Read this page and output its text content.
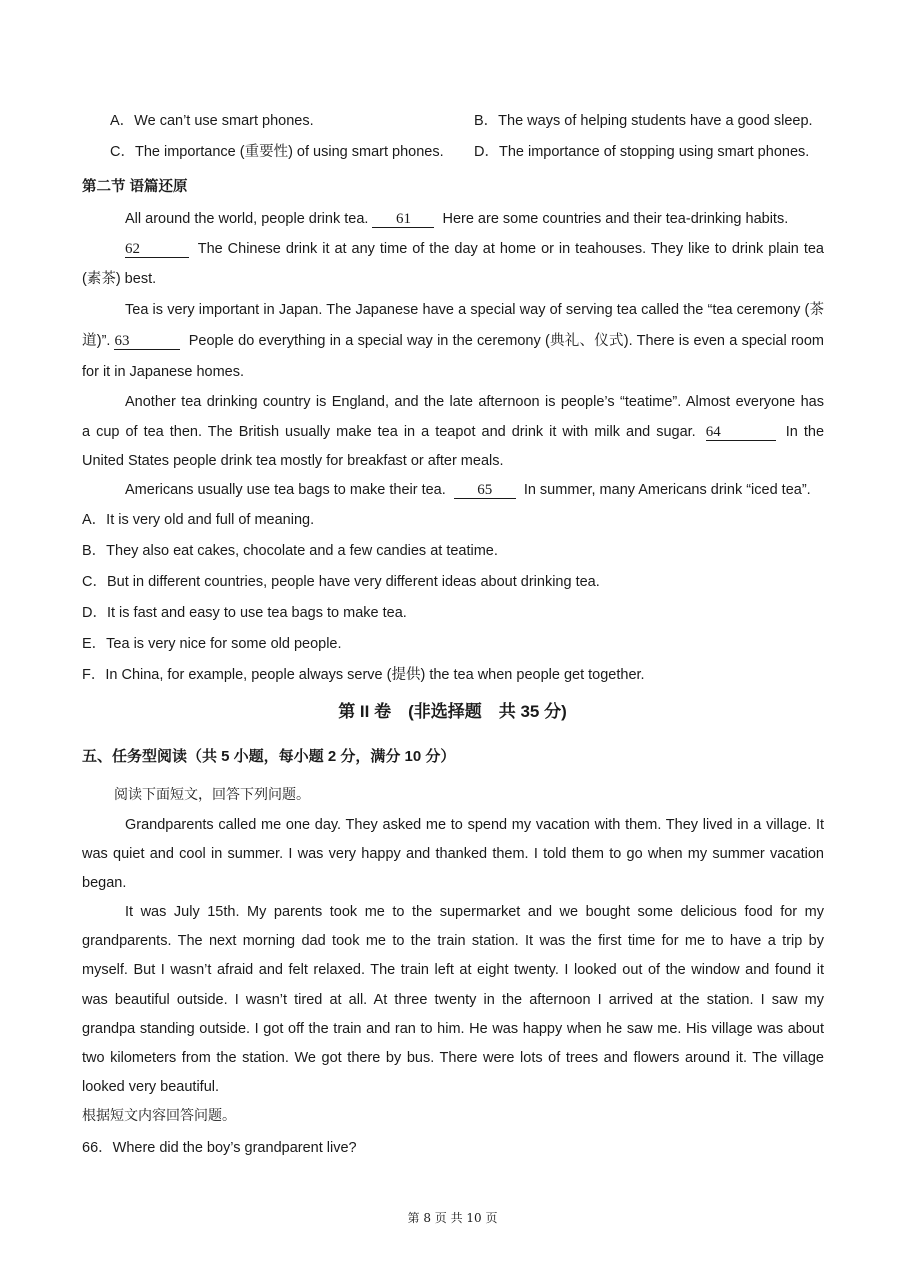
A．We can’t use smart phones.	B．The ways of helping students have a good sleep.
C．The importance (重要性) of using smart phones. D．The importance of stopping using smart phones.
第二节 语篇还原
All around the world, people drink tea. 61 Here are some countries and their tea-drinking habits.
62	The Chinese drink it at any time of the day at home or in teahouses. They like to drink plain tea
(素茶) best.
Tea is very important in Japan. The Japanese have a special way of serving tea called the “tea ceremony (茶
道)”. 63	People do everything in a special way in the ceremony (典礼、仪式). There is even a special room
for it in Japanese homes.
Another tea drinking country is England, and the late afternoon is people’s “teatime”. Almost everyone has
a cup of tea then. The British usually make tea in a teapot and drink it with milk and sugar. 64	In the
United States people drink tea mostly for breakfast or after meals.
Americans usually use tea bags to make their tea. 65 In summer, many Americans drink “iced tea”.
A．It is very old and full of meaning.
B．They also eat cakes, chocolate and a few candies at teatime.
C．But in different countries, people have very different ideas about drinking tea.
D．It is fast and easy to use tea bags to make tea.
E．Tea is very nice for some old people.
F．In China, for example, people always serve (提供) the tea when people get together.
第 II 卷　(非选择题　共 35 分)
五、任务型阅读（共 5 小题，每小题 2 分，满分 10 分）
阅读下面短文，回答下列问题。
Grandparents called me one day. They asked me to spend my vacation with them. They lived in a village. It
was quiet and cool in summer. I was very happy and thanked them. I told them to go when my summer vacation
began.
It was July 15th. My parents took me to the supermarket and we bought some delicious food for my
grandparents. The next morning dad took me to the train station. It was the first time for me to have a trip by
myself. But I wasn’t afraid and felt relaxed. The train left at eight twenty. I looked out of the window and found it
was beautiful outside. I wasn’t tired at all. At three twenty in the afternoon I arrived at the station. I saw my
grandpa standing outside. I got off the train and ran to him. He was happy when he saw me. His village was about
two kilometers from the station. We got there by bus. There were lots of trees and flowers around it. The village
looked very beautiful.
根据短文内容回答问题。
66．Where did the boy’s grandparent live?
第 8 页 共 10 页
